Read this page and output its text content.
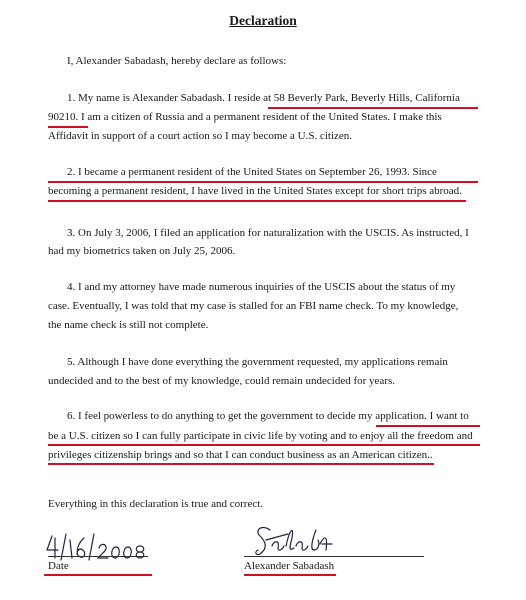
Declaration
I, Alexander Sabadash, hereby declare as follows:
1. My name is Alexander Sabadash. I reside at 58 Beverly Park, Beverly Hills, California
90210. I am a citizen of Russia and a permanent resident of the United States. I make this
Affidavit in support of a court action so I may become a U.S. citizen.
2. I became a permanent resident of the United States on September 26, 1993. Since
becoming a permanent resident, I have lived in the United States except for short trips abroad.
3. On July 3, 2006, I filed an application for naturalization with the USCIS. As instructed, I
had my biometrics taken on July 25, 2006.
4. I and my attorney have made numerous inquiries of the USCIS about the status of my
case. Eventually, I was told that my case is stalled for an FBI name check. To my knowledge,
the name check is still not complete.
5. Although I have done everything the government requested, my applications remain
undecided and to the best of my knowledge, could remain undecided for years.
6. I feel powerless to do anything to get the government to decide my application. I want to
be a U.S. citizen so I can fully participate in civic life by voting and to enjoy all the freedom and
privileges citizenship brings and so that I can conduct business as an American citizen..
Everything in this declaration is true and correct.
Date	Alexander Sabadash
